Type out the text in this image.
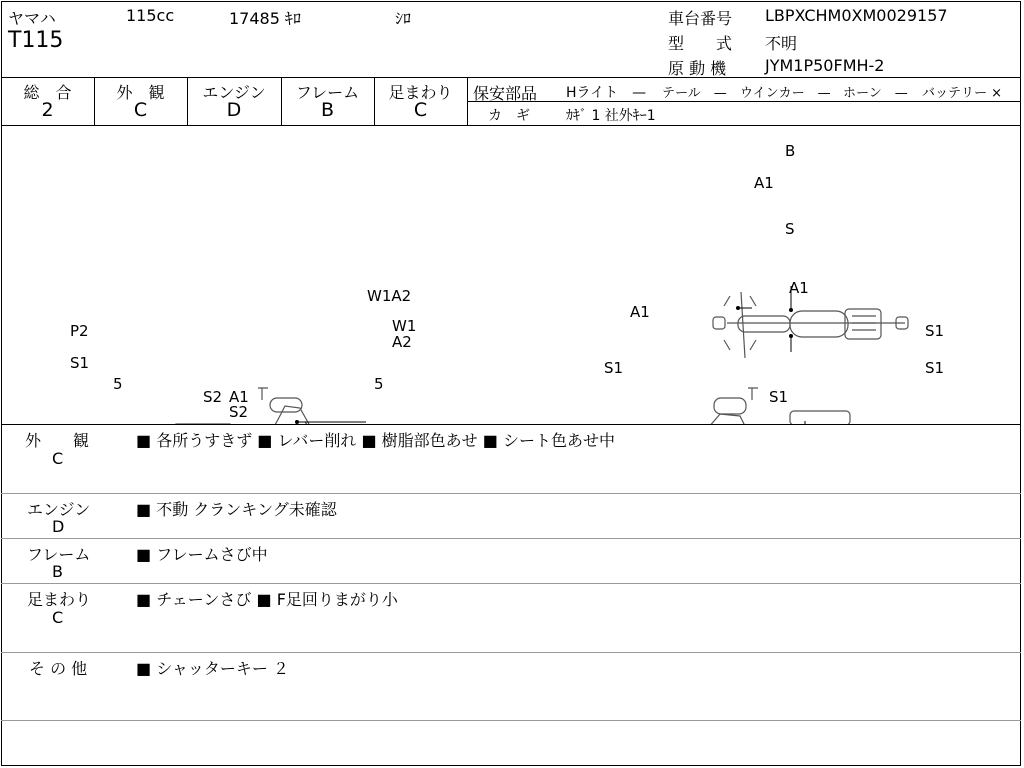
ヤマハ	115cc	17485 ｷﾛ	ｼﾛ
T115
車台番号 LBPXCHM0XM0029157
型　　式 不明
原 動 機 JYM1P50FMH-2
総　合
2
外　観
C
エンジン
D
フレーム
B
足まわり
C
保安部品 Hライト　— テール　— ウインカー　— ホーン　— バッテリー ×
カ　ギ	ｶｷﾞ 1 社外ｷｰ1
B
A1
S
W1A2
W1
A2
P2
S1
5
S2 A1
S2
5
A1
A1
S1
S1	S1
S1
外　　観
C
■ 各所うすきず ■ レバー削れ ■ 樹脂部色あせ ■ シート色あせ中
エンジン
D
■ 不動 クランキング未確認
フレーム
B
■ フレームさび中
足まわり
C
■ チェーンさび ■ F足回りまがり小
そ の 他	■ シャッターキー ２
